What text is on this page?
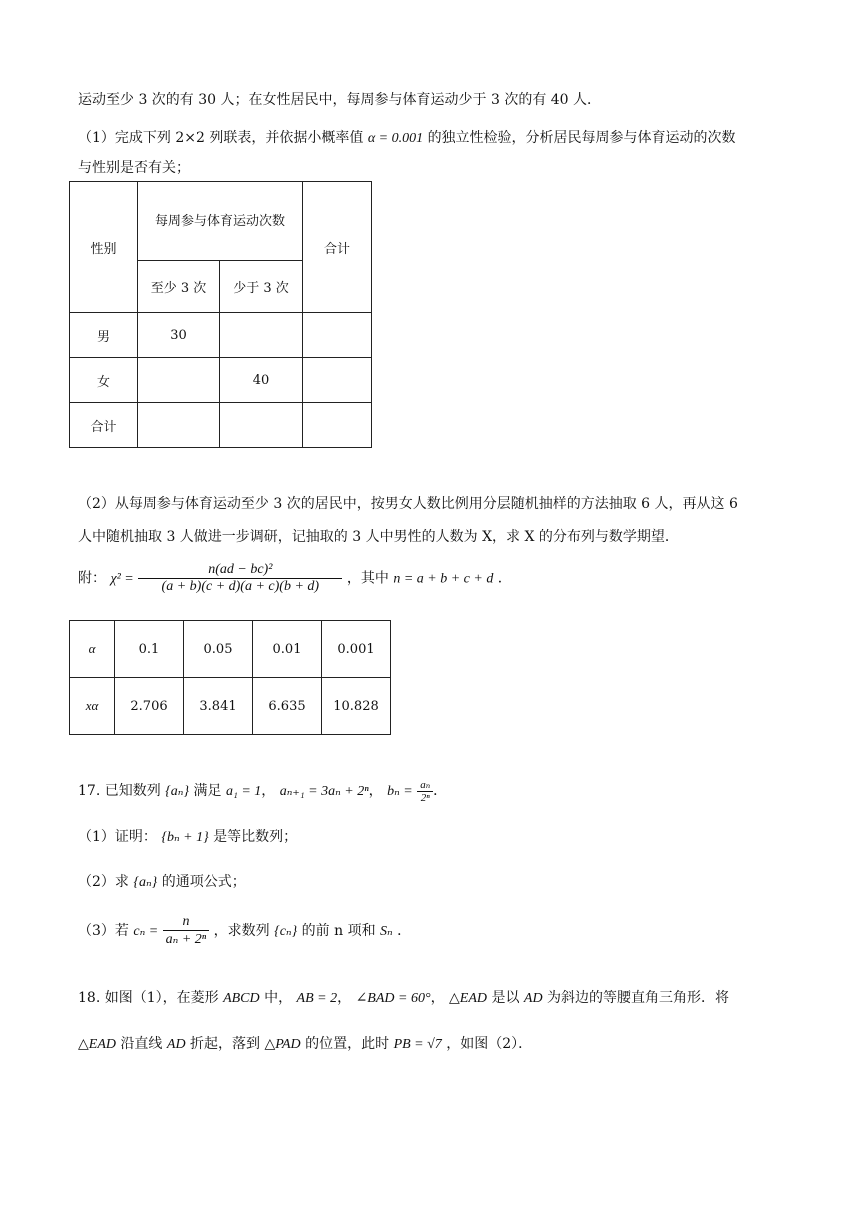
运动至少 3 次的有 30 人；在女性居民中，每周参与体育运动少于 3 次的有 40 人．
（1）完成下列 2×2 列联表，并依据小概率值 α = 0.001 的独立性检验，分析居民每周参与体育运动的次数
与性别是否有关；
性别	每周参与体育运动次数		合计
	至少 3 次	少于 3 次	
男	30		
女		40	
合计			
（2）从每周参与体育运动至少 3 次的居民中，按男女人数比例用分层随机抽样的方法抽取 6 人，再从这 6
人中随机抽取 3 人做进一步调研，记抽取的 3 人中男性的人数为 X，求 X 的分布列与数学期望．
附： $\chi^2 = \frac{\text{n(ad − bc)²}}{(a + b)(c + d)(a + c)(b + d)}$ ，其中 n = a + b + c + d ．
α	0.1	0.05	0.01	0.001
xα	2.706	3.841	6.635	10.828
17. 已知数列 {aₙ} 满足 a₁ = 1， aₙ₊₁ = 3aₙ + 2ⁿ， $b_n = \frac{\text{aₙ}}{\text{2ⁿ}}$ ．
（1）证明： {bₙ + 1} 是等比数列；
（2）求 {aₙ} 的通项公式；
（3）若 $c_n = \frac{n}{\text{aₙ + 2ⁿ}}$ ，求数列 {cₙ} 的前 n 项和 Sₙ ．
18. 如图（1），在菱形 ABCD 中， AB = 2， ∠BAD = 60°， △EAD 是以 AD 为斜边的等腰直角三角形．将
△EAD 沿直线 AD 折起，落到 △PAD 的位置，此时 PB = √7 ，如图（2）．
